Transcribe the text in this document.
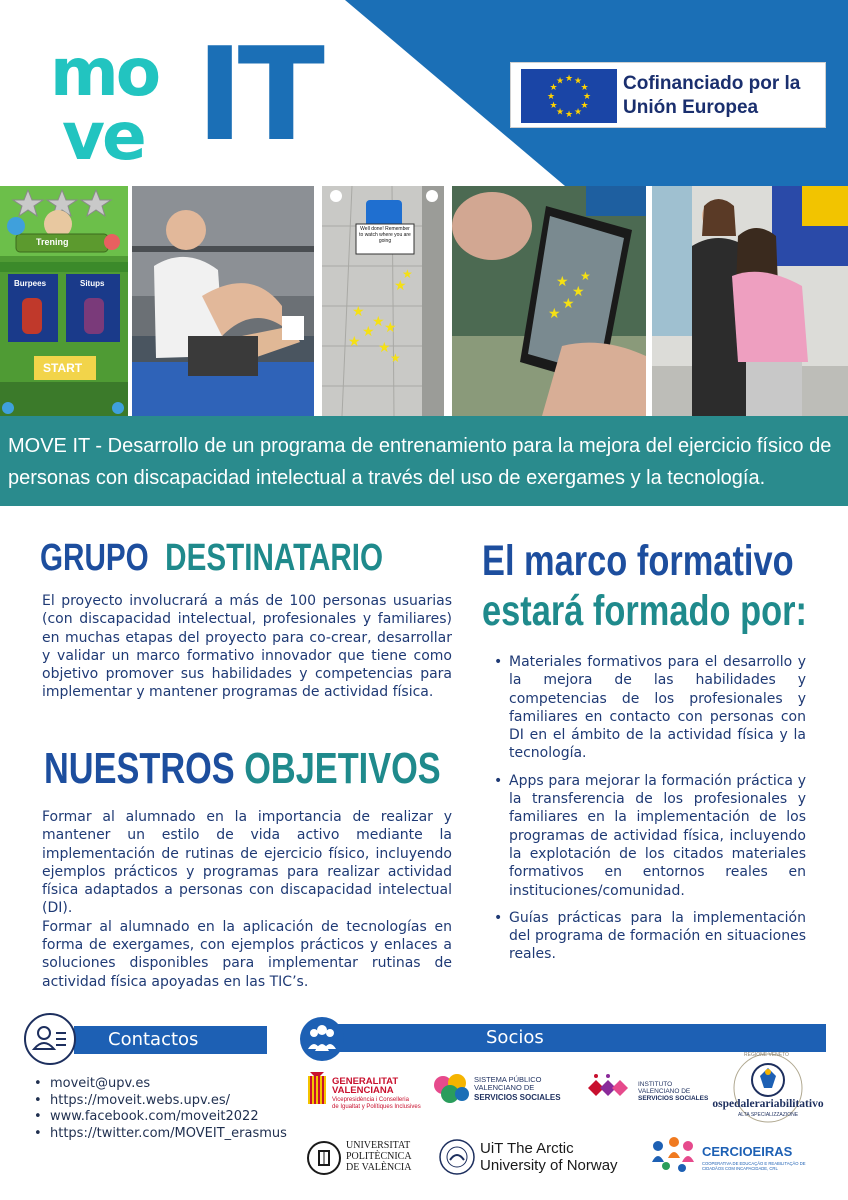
mo
ve IT	★ ★
★
★
★
★
★
★
★
★
★
★	Cofinanciado por la Unión Europea
Trening
Burpees	Situps
START
★
★
★ ★
★ ★
★
★
★
Well done! Remember to watch where you are going
★
★
★
★
★

MOVE IT - Desarrollo de un programa de entrenamiento para la mejora del ejercicio físico de personas con discapacidad intelectual a través del uso de exergames y la tecnología.

GRUPO DESTINATARIO

El proyecto involucrará a más de 100 personas usuarias (con discapacidad intelectual, profesionales y familiares) en muchas etapas del proyecto para co-crear, desarrollar y validar un marco formativo innovador que tiene como objetivo promover sus habilidades y competencias para implementar y mantener programas de actividad física.

NUESTROS OBJETIVOS

Formar al alumnado en la importancia de realizar y mantener un estilo de vida activo mediante la implementación de rutinas de ejercicio físico, incluyendo ejemplos prácticos y programas para realizar actividad física adaptados a personas con discapacidad intelectual (DI).

Formar al alumnado en la aplicación de tecnologías en forma de exergames, con ejemplos prácticos y enlaces a soluciones disponibles para implementar rutinas de actividad física apoyadas en las TIC’s.

El marco formativo
estará formado por:
• Materiales formativos para el desarrollo y la mejora de las habilidades y competencias de los profesionales y familiares en contacto con personas con DI en el ámbito de la actividad física y la tecnología.
• Apps para mejorar la formación práctica y la transferencia de los profesionales y familiares en la implementación de los programas de actividad física, incluyendo la explotación de los citados materiales formativos en entornos reales en instituciones/comunidad.
• Guías prácticas para la implementación del programa de formación en situaciones reales.
Contactos
• moveit@upv.es
• https://moveit.webs.upv.es/
• www.facebook.com/moveit2022
• https://twitter.com/MOVEIT_erasmus
Socios
GENERALITAT
VALENCIANA
Vicepresidència i Conselleria
de Igualtat y Polítiques Inclusives
SISTEMA PÚBLICO
VALENCIANO DE
SERVICIOS SOCIALES
INSTITUTO
VALENCIANO DE
SERVICIOS SOCIALES
REGIONE VENETO
ospedalerariabilitativo
ALTA SPECIALIZZAZIONE
UNIVERSITAT
POLITÈCNICA
DE VALÈNCIA
UiT The Arctic
University of Norway
CERCIOEIRAS
COOPERATIVA DE EDUCAÇÃO E REABILITAÇÃO DE CIDADÃOS COM INCAPACIDADE, CRL
